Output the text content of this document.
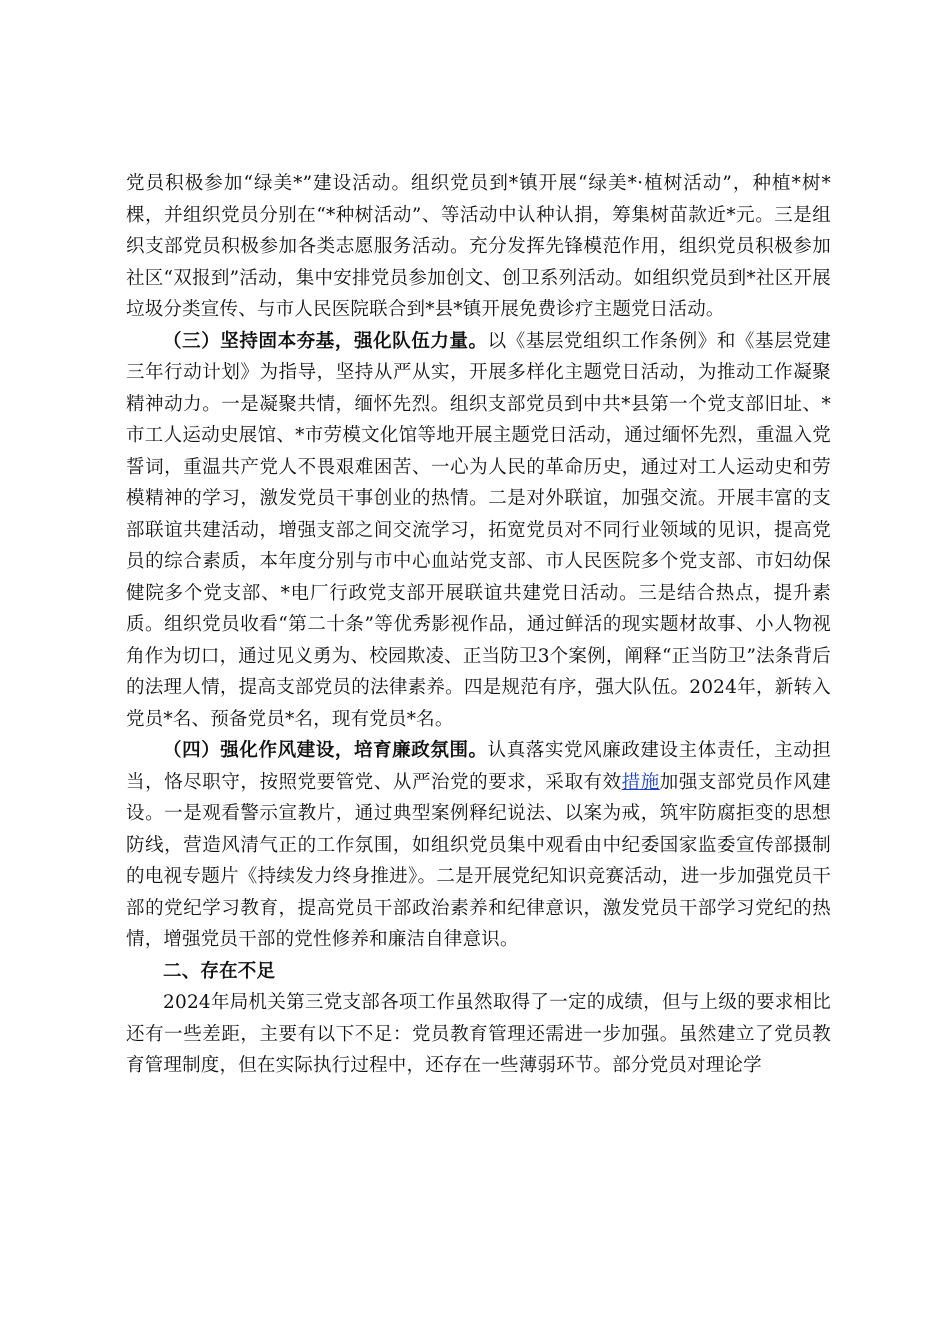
党员积极参加“绿美*”建设活动。组织党员到*镇开展“绿美*·植树活动”，种植*树*棵，并组织党员分别在“*种树活动”、等活动中认种认捐，筹集树苗款近*元。三是组织支部党员积极参加各类志愿服务活动。充分发挥先锋模范作用，组织党员积极参加社区“双报到”活动，集中安排党员参加创文、创卫系列活动。如组织党员到*社区开展垃圾分类宣传、与市人民医院联合到*县*镇开展免费诊疗主题党日活动。

（三）坚持固本夯基，强化队伍力量。以《基层党组织工作条例》和《基层党建三年行动计划》为指导，坚持从严从实，开展多样化主题党日活动，为推动工作凝聚精神动力。一是凝聚共情，缅怀先烈。组织支部党员到中共*县第一个党支部旧址、*市工人运动史展馆、*市劳模文化馆等地开展主题党日活动，通过缅怀先烈，重温入党誓词，重温共产党人不畏艰难困苦、一心为人民的革命历史，通过对工人运动史和劳模精神的学习，激发党员干事创业的热情。二是对外联谊，加强交流。开展丰富的支部联谊共建活动，增强支部之间交流学习，拓宽党员对不同行业领域的见识，提高党员的综合素质，本年度分别与市中心血站党支部、市人民医院多个党支部、市妇幼保健院多个党支部、*电厂行政党支部开展联谊共建党日活动。三是结合热点，提升素质。组织党员收看“第二十条”等优秀影视作品，通过鲜活的现实题材故事、小人物视角作为切口，通过见义勇为、校园欺凌、正当防卫3个案例，阐释“正当防卫”法条背后的法理人情，提高支部党员的法律素养。四是规范有序，强大队伍。2024年，新转入党员*名、预备党员*名，现有党员*名。

（四）强化作风建设，培育廉政氛围。认真落实党风廉政建设主体责任，主动担当，恪尽职守，按照党要管党、从严治党的要求，采取有效措施加强支部党员作风建设。一是观看警示宣教片，通过典型案例释纪说法、以案为戒，筑牢防腐拒变的思想防线，营造风清气正的工作氛围，如组织党员集中观看由中纪委国家监委宣传部摄制的电视专题片《持续发力终身推进》。二是开展党纪知识竞赛活动，进一步加强党员干部的党纪学习教育，提高党员干部政治素养和纪律意识，激发党员干部学习党纪的热情，增强党员干部的党性修养和廉洁自律意识。

二、存在不足

2024年局机关第三党支部各项工作虽然取得了一定的成绩，但与上级的要求相比还有一些差距，主要有以下不足：党员教育管理还需进一步加强。虽然建立了党员教育管理制度，但在实际执行过程中，还存在一些薄弱环节。部分党员对理论学
